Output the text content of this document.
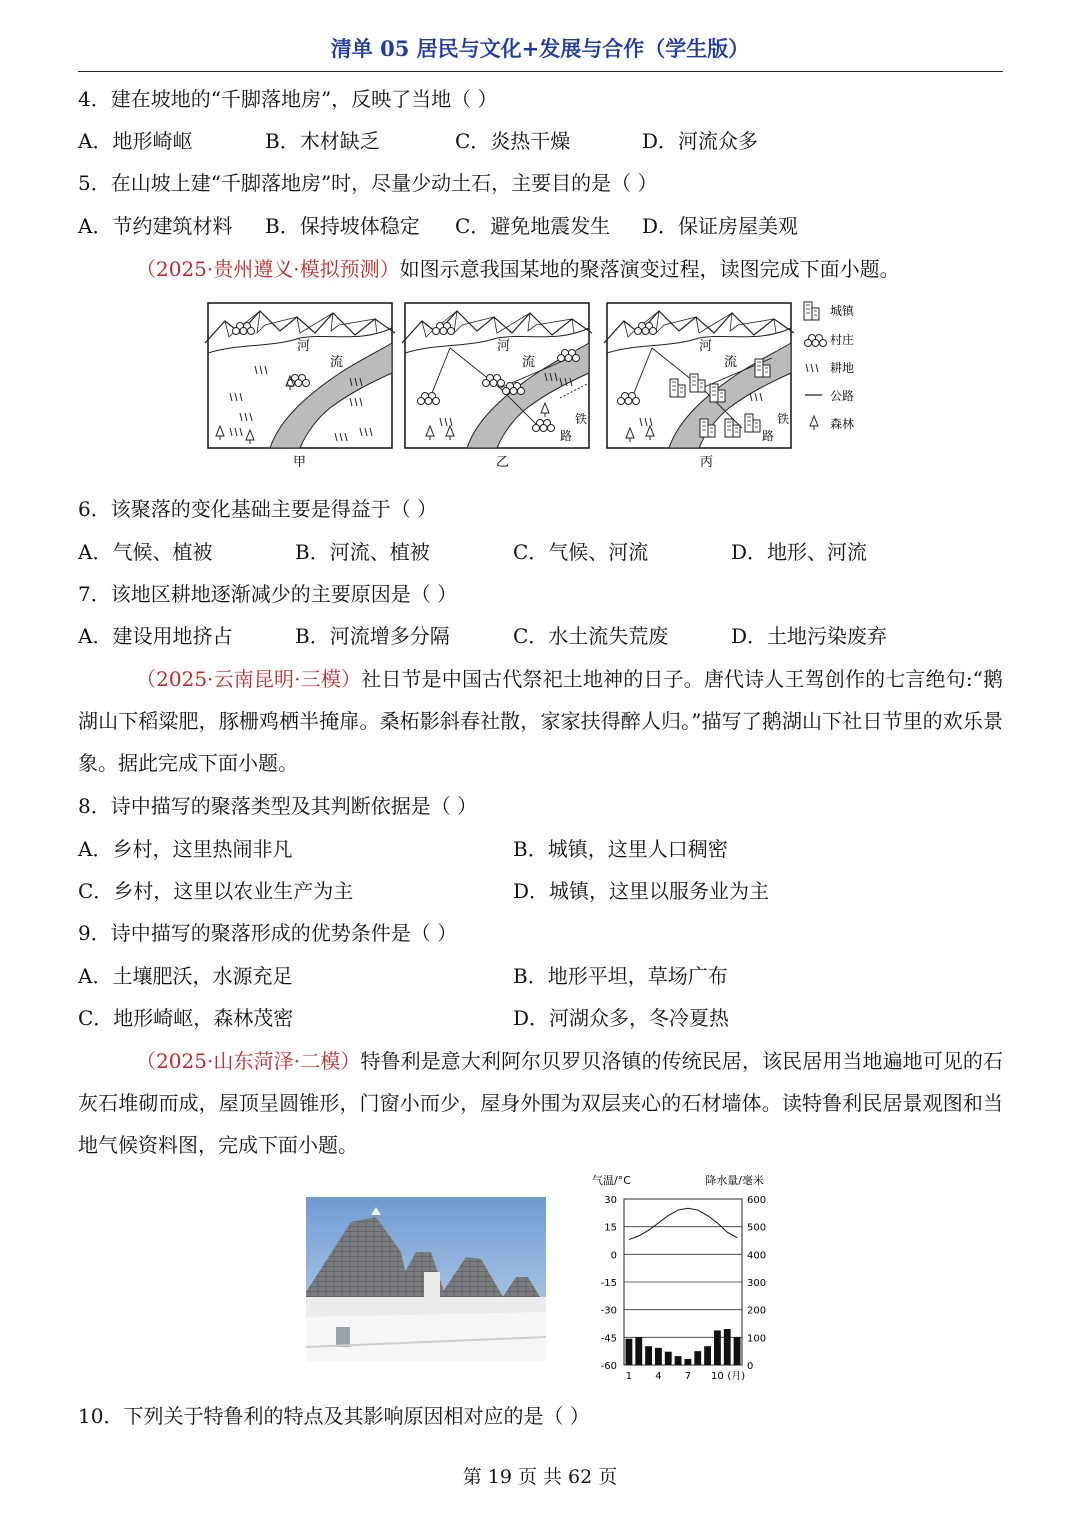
清单 05 居民与文化+发展与合作（学生版）
4．建在坡地的“千脚落地房”，反映了当地（ ）
A．地形崎岖	B．木材缺乏	C．炎热干燥	D．河流众多
5．在山坡上建“千脚落地房”时，尽量少动土石，主要目的是（ ）
A．节约建筑材料 B．保持坡体稳定 C．避免地震发生 D．保证房屋美观
（2025·贵州遵义·模拟预测）如图示意我国某地的聚落演变过程，读图完成下面小题。
河
流
甲
河
流
铁
路
乙
河
流
铁
路
丙
城镇
村庄
耕地
公路
森林
6．该聚落的变化基础主要是得益于（ ）
A．气候、植被	B．河流、植被	C．气候、河流	D．地形、河流
7．该地区耕地逐渐减少的主要原因是（ ）
A．建设用地挤占	B．河流增多分隔	C．水土流失荒废	D．土地污染废弃
（2025·云南昆明·三模）社日节是中国古代祭祀土地神的日子。唐代诗人王驾创作的七言绝句:“鹅湖山下稻粱肥，豚栅鸡栖半掩扉。桑柘影斜春社散，家家扶得醉人归。”描写了鹅湖山下社日节里的欢乐景象。据此完成下面小题。
8．诗中描写的聚落类型及其判断依据是（ ）
A．乡村，这里热闹非凡	B．城镇，这里人口稠密
C．乡村，这里以农业生产为主	D．城镇，这里以服务业为主
9．诗中描写的聚落形成的优势条件是（ ）
A．土壤肥沃，水源充足	B．地形平坦，草场广布
C．地形崎岖，森林茂密	D．河湖众多，冬冷夏热
（2025·山东菏泽·二模）特鲁利是意大利阿尔贝罗贝洛镇的传统民居，该民居用当地遍地可见的石灰石堆砌而成，屋顶呈圆锥形，门窗小而少，屋身外围为双层夹心的石材墙体。读特鲁利民居景观图和当地气候资料图，完成下面小题。
30
15
0
-15
-30
-45
-60
600
500
400
300
200
100
0
气温/°C	降水量/毫米
1 4 7 10 (月)
10．下列关于特鲁利的特点及其影响原因相对应的是（ ）
第 19 页 共 62 页
